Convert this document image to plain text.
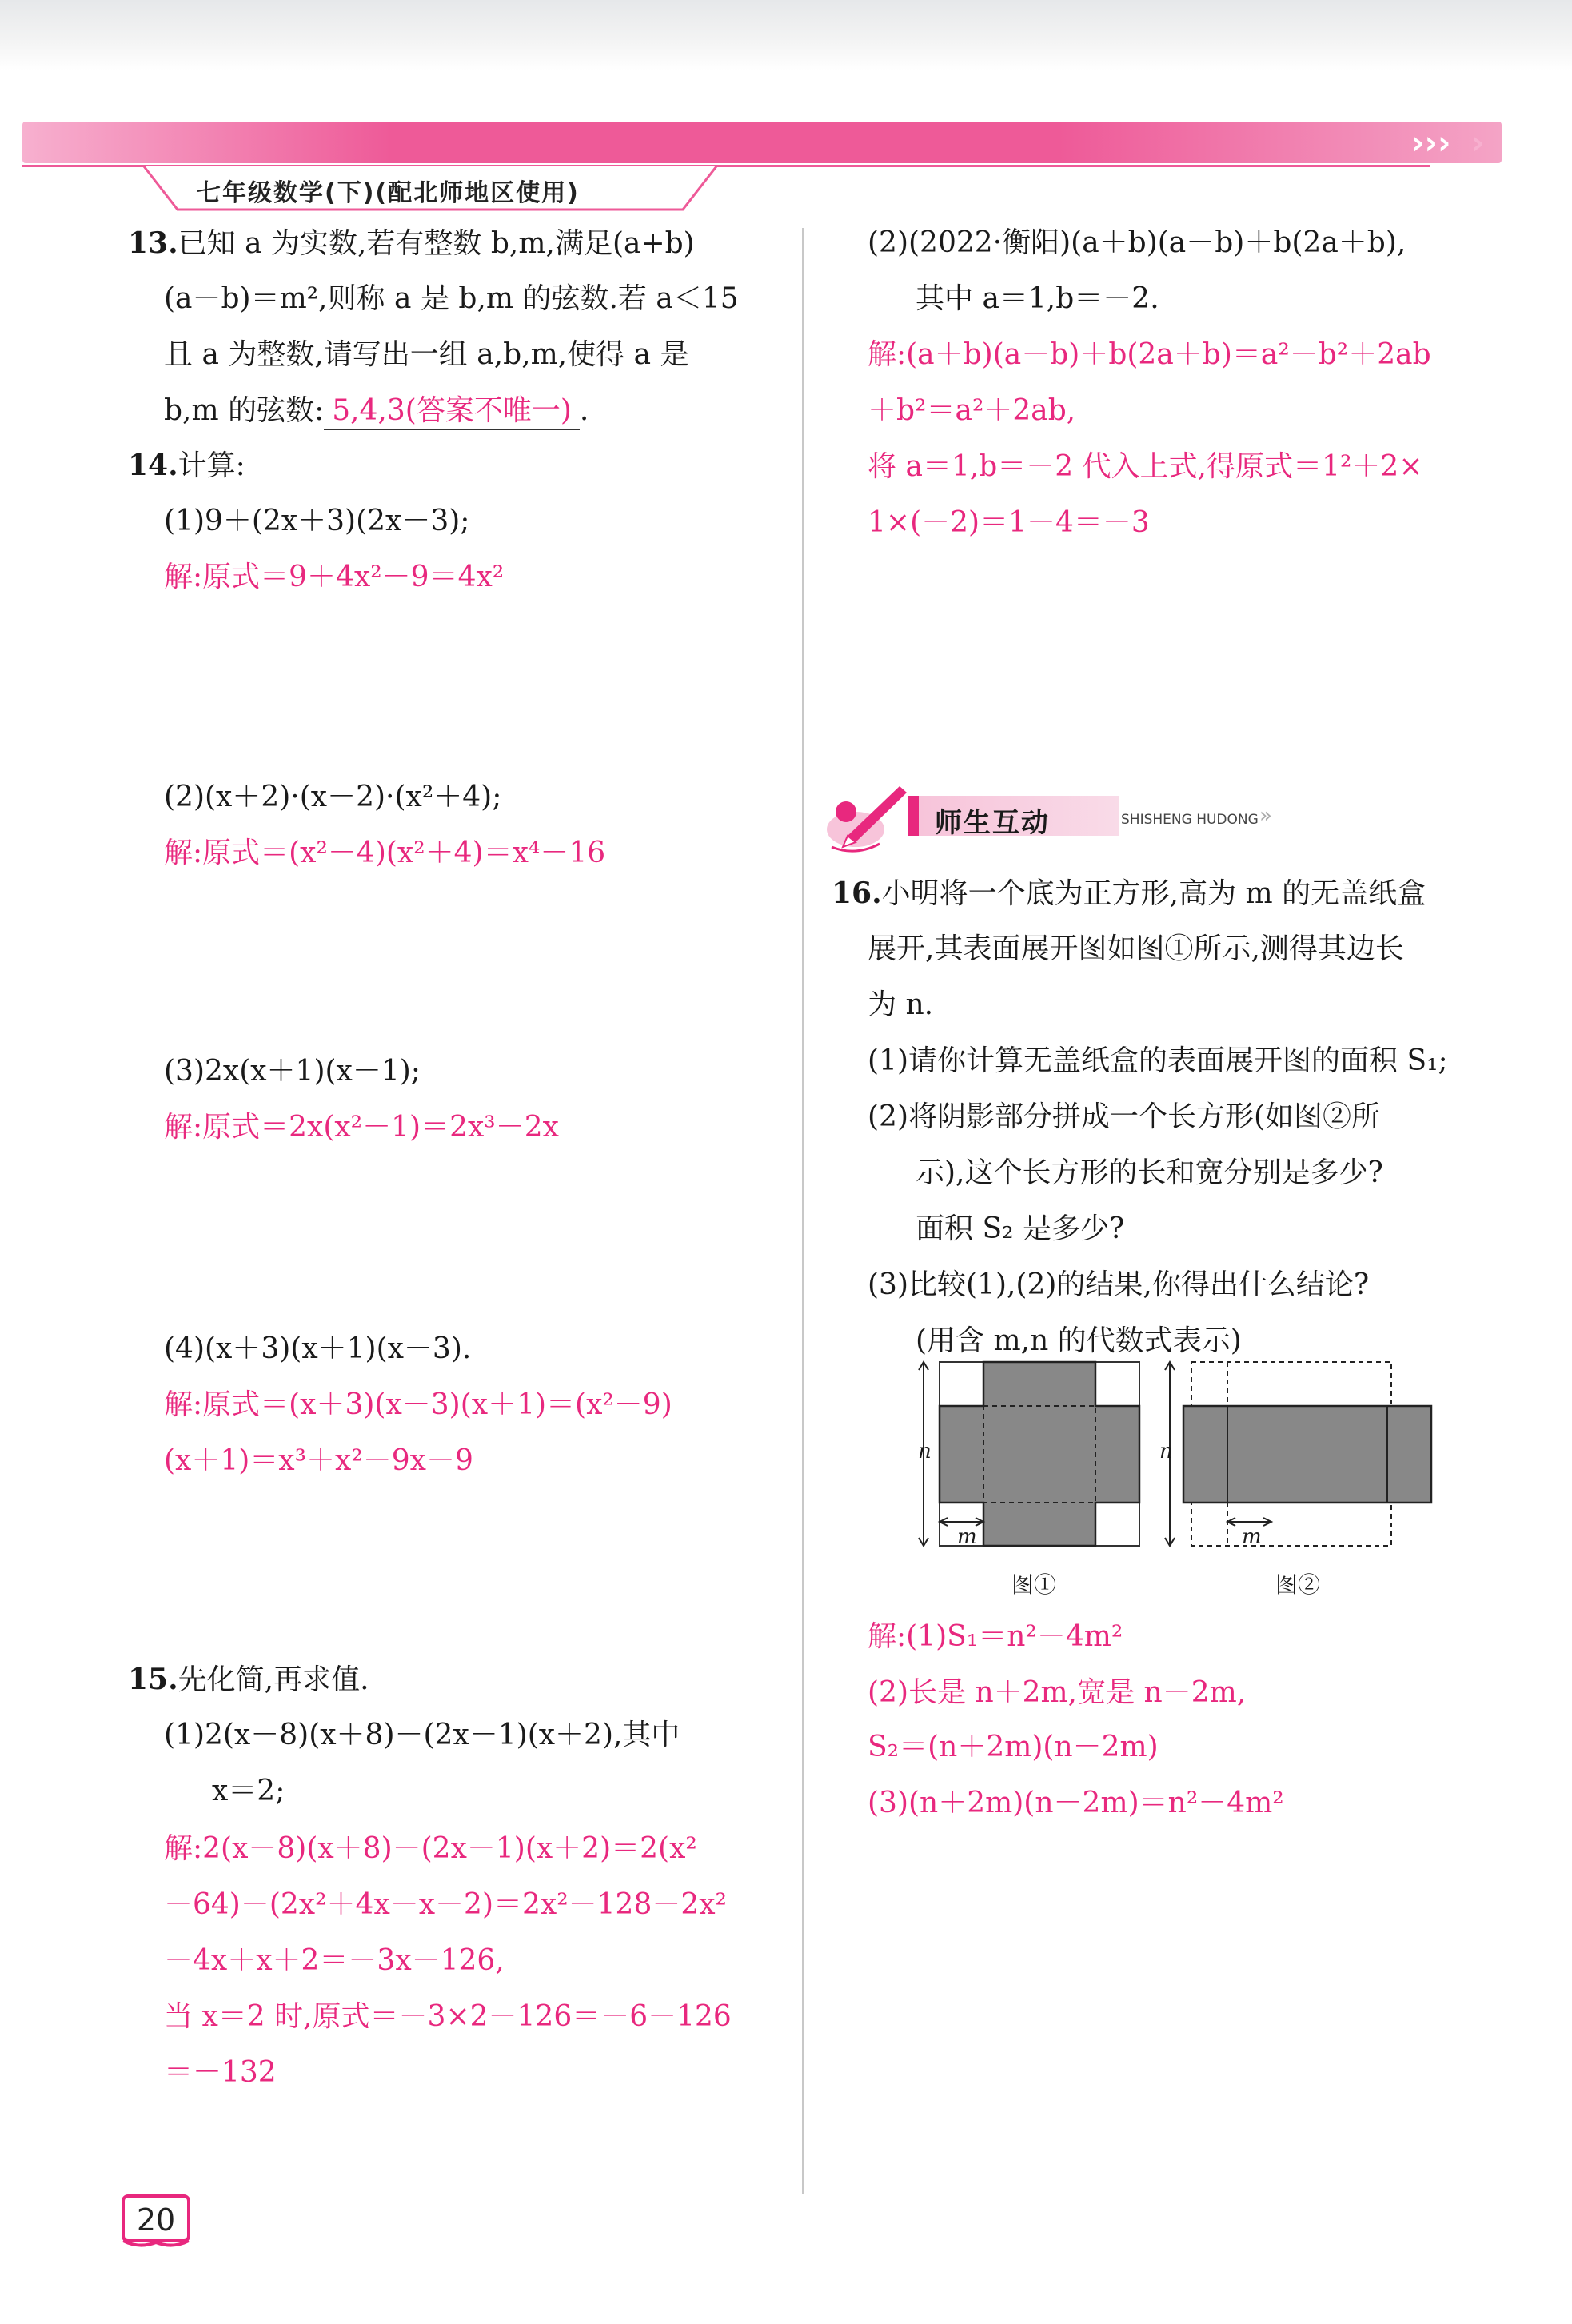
››› ›
七年级数学(下)(配北师地区使用)
13.已知 a 为实数,若有整数 b,m,满足(a+b)
(a－b)＝m²,则称 a 是 b,m 的弦数.若 a＜15
且 a 为整数,请写出一组 a,b,m,使得 a 是
b,m 的弦数: 5,4,3(答案不唯一) .
14.计算:
(1)9＋(2x＋3)(2x－3);
解:原式＝9＋4x²－9＝4x²
(2)(x＋2)·(x－2)·(x²＋4);
解:原式＝(x²－4)(x²＋4)＝x⁴－16
(3)2x(x＋1)(x－1);
解:原式＝2x(x²－1)＝2x³－2x
(4)(x＋3)(x＋1)(x－3).
解:原式＝(x＋3)(x－3)(x＋1)＝(x²－9)
(x＋1)＝x³＋x²－9x－9
15.先化简,再求值.
(1)2(x－8)(x＋8)－(2x－1)(x＋2),其中
x＝2;
解:2(x－8)(x＋8)－(2x－1)(x＋2)＝2(x²
－64)－(2x²＋4x－x－2)＝2x²－128－2x²
－4x＋x＋2＝－3x－126,
当 x＝2 时,原式＝－3×2－126＝－6－126
＝－132
(2)(2022·衡阳)(a＋b)(a－b)＋b(2a＋b),
其中 a＝1,b＝－2.
解:(a＋b)(a－b)＋b(2a＋b)＝a²－b²＋2ab
＋b²＝a²＋2ab,
将 a＝1,b＝－2 代入上式,得原式＝1²＋2×
1×(－2)＝1－4＝－3
师生互动	SHISHENG HUDONG »
16.小明将一个底为正方形,高为 m 的无盖纸盒
展开,其表面展开图如图①所示,测得其边长
为 n.
(1)请你计算无盖纸盒的表面展开图的面积 S₁;
(2)将阴影部分拼成一个长方形(如图②所
示),这个长方形的长和宽分别是多少?
面积 S₂ 是多少?
(3)比较(1),(2)的结果,你得出什么结论?
(用含 m,n 的代数式表示)
n
m
图①
n
m
图②
解:(1)S₁＝n²－4m²
(2)长是 n＋2m,宽是 n－2m,
S₂＝(n＋2m)(n－2m)
(3)(n＋2m)(n－2m)＝n²－4m²
20
